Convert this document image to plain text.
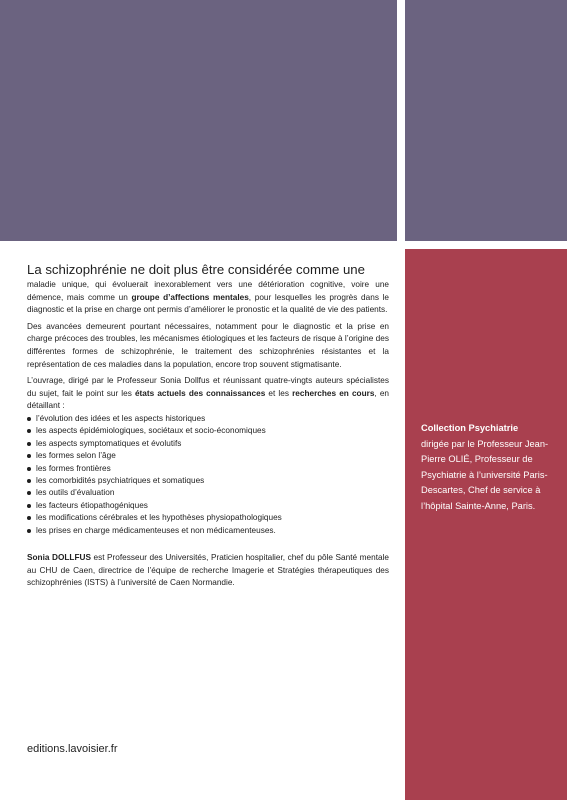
Collection Psychiatrie
dirigée par le Professeur Jean-Pierre OLIÉ, Professeur de Psychiatrie à l’université Paris-Descartes, Chef de service à l’hôpital Sainte-Anne, Paris.

La schizophrénie ne doit plus être considérée comme une

maladie unique, qui évoluerait inexorablement vers une détérioration cognitive, voire une démence, mais comme un groupe d’affections mentales, pour lesquelles les progrès dans le diagnostic et la prise en charge ont permis d’améliorer le pronostic et la qualité de vie des patients.

Des avancées demeurent pourtant nécessaires, notamment pour le diagnostic et la prise en charge précoces des troubles, les mécanismes étiologiques et les facteurs de risque à l’origine des différentes formes de schizophrénie, le traitement des schizophrénies résistantes et la représentation de ces maladies dans la population, encore trop souvent stigmatisante.

L’ouvrage, dirigé par le Professeur Sonia Dollfus et réunissant quatre-vingts auteurs spécialistes du sujet, fait le point sur les états actuels des connaissances et les recherches en cours, en détaillant :

l’évolution des idées et les aspects historiques
les aspects épidémiologiques, sociétaux et socio-économiques
les aspects symptomatiques et évolutifs
les formes selon l’âge
les formes frontières
les comorbidités psychiatriques et somatiques
les outils d’évaluation
les facteurs étiopathogéniques
les modifications cérébrales et les hypothèses physiopathologiques
les prises en charge médicamenteuses et non médicamenteuses.

Sonia DOLLFUS est Professeur des Universités, Praticien hospitalier, chef du pôle Santé mentale au CHU de Caen, directrice de l’équipe de recherche Imagerie et Stratégies thérapeutiques des schizophrénies (ISTS) à l’université de Caen Normandie.

editions.lavoisier.fr
